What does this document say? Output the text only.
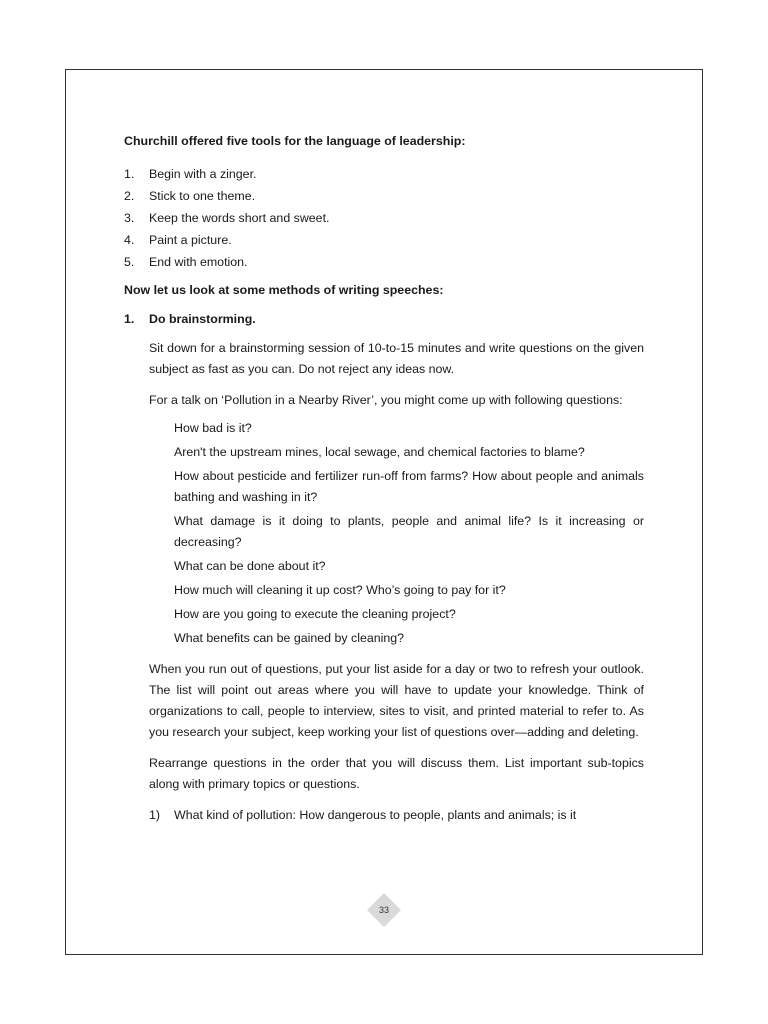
Churchill offered five tools for the language of leadership:

1.	Begin with a zinger.
2.	Stick to one theme.
3.	Keep the words short and sweet.
4.	Paint a picture.
5.	End with emotion.

Now let us look at some methods of writing speeches:

1.	Do brainstorming.

Sit down for a brainstorming session of 10-to-15 minutes and write questions on the given subject as fast as you can. Do not reject any ideas now.

For a talk on ‘Pollution in a Nearby River’, you might come up with following questions:

How bad is it?
Aren't the upstream mines, local sewage, and chemical factories to blame?
How about pesticide and fertilizer run-off from farms? How about people and animals bathing and washing in it?
What damage is it doing to plants, people and animal life? Is it increasing or decreasing?
What can be done about it?
How much will cleaning it up cost? Who’s going to pay for it?
How are you going to execute the cleaning project?
What benefits can be gained by cleaning?

When you run out of questions, put your list aside for a day or two to refresh your outlook. The list will point out areas where you will have to update your knowledge. Think of organizations to call, people to interview, sites to visit, and printed material to refer to. As you research your subject, keep working your list of questions over—adding and deleting.

Rearrange questions in the order that you will discuss them. List important sub-topics along with primary topics or questions.

1)	What kind of pollution: How dangerous to people, plants and animals; is it
33
